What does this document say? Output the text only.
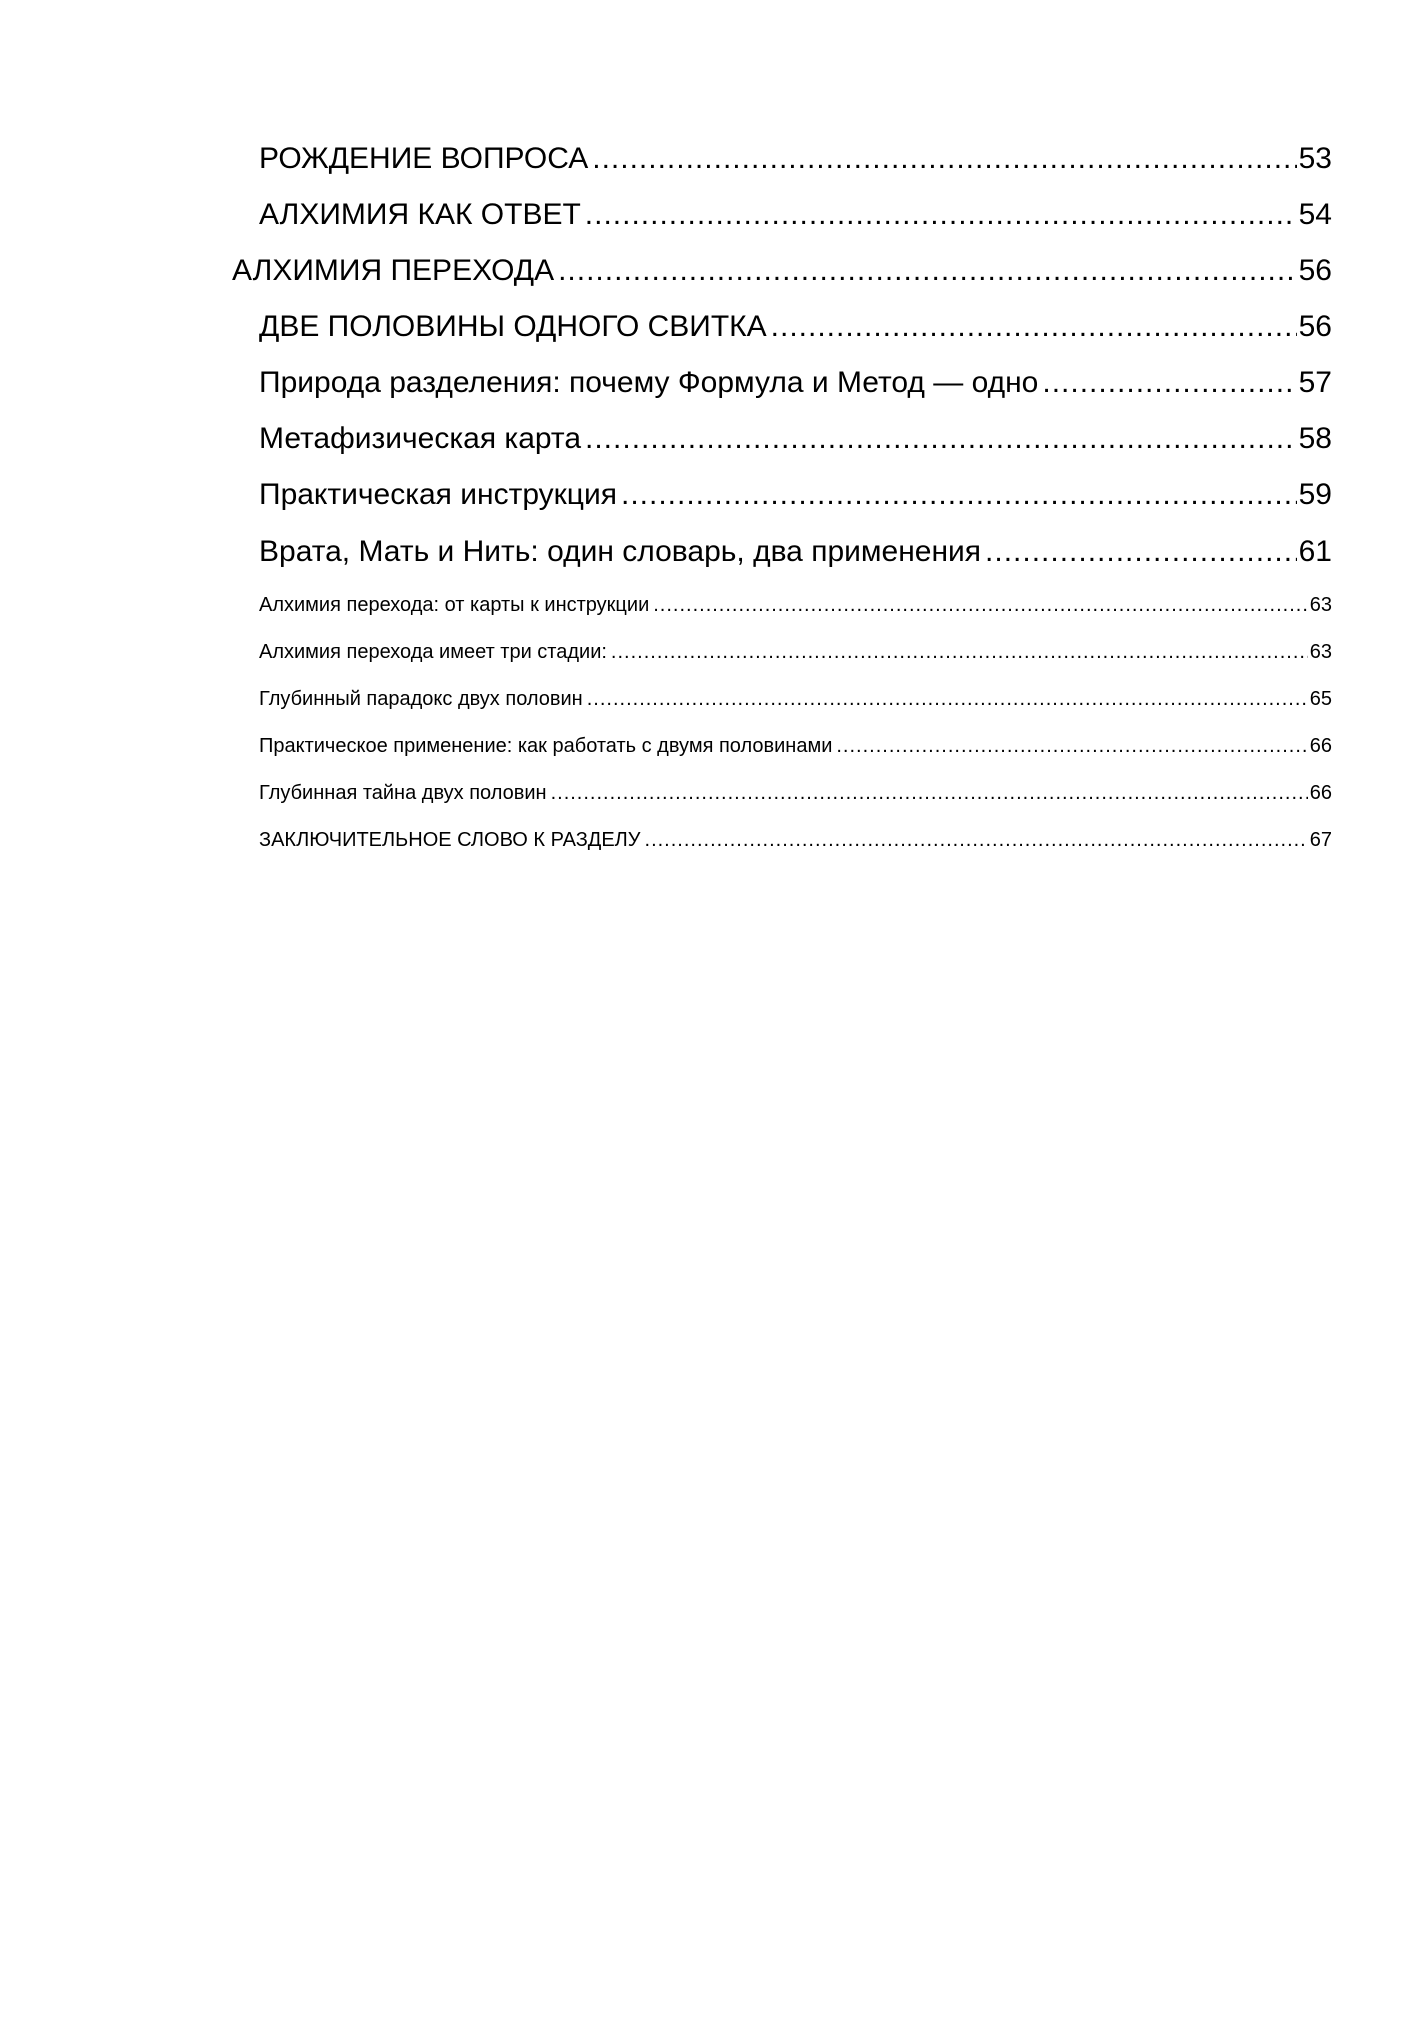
РОЖДЕНИЕ ВОПРОСА .....	53
АЛХИМИЯ КАК ОТВЕТ .....	54
АЛХИМИЯ ПЕРЕХОДА .....	56
ДВЕ ПОЛОВИНЫ ОДНОГО СВИТКА .....	56
Природа разделения: почему Формула и Метод — одно .....	57
Метафизическая карта .....	58
Практическая инструкция .....	59
Врата, Мать и Нить: один словарь, два применения .....	61
Алхимия перехода: от карты к инструкции .....	63
Алхимия перехода имеет три стадии: .....	63
Глубинный парадокс двух половин .....	65
Практическое применение: как работать с двумя половинами .....	66
Глубинная тайна двух половин .....	66
ЗАКЛЮЧИТЕЛЬНОЕ СЛОВО К РАЗДЕЛУ .....	67
